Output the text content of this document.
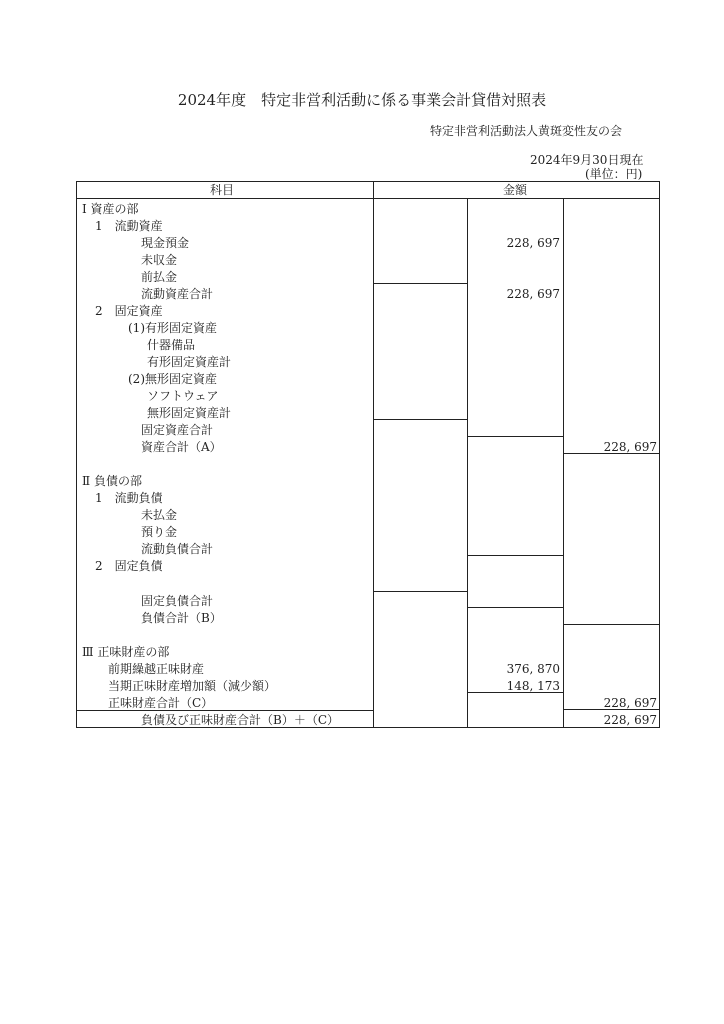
2024年度　特定非営利活動に係る事業会計貸借対照表
特定非営利活動法人黄斑変性友の会
2024年9月30日現在
(単位：円)
科目	金額
Ⅰ 資産の部
1　流動資産
現金預金	228, 697
未収金
前払金
流動資産合計	228, 697
2　固定資産
(1)有形固定資産
什器備品
有形固定資産計
(2)無形固定資産
ソフトウェア
無形固定資産計
固定資産合計
資産合計（A）	228, 697
Ⅱ 負債の部
1　流動負債
未払金
預り金
流動負債合計
2　固定負債
固定負債合計
負債合計（B）
Ⅲ 正味財産の部
前期繰越正味財産	376, 870
当期正味財産増加額（減少額）	148, 173
正味財産合計（C）	228, 697
負債及び正味財産合計（B）＋（C）	228, 697
